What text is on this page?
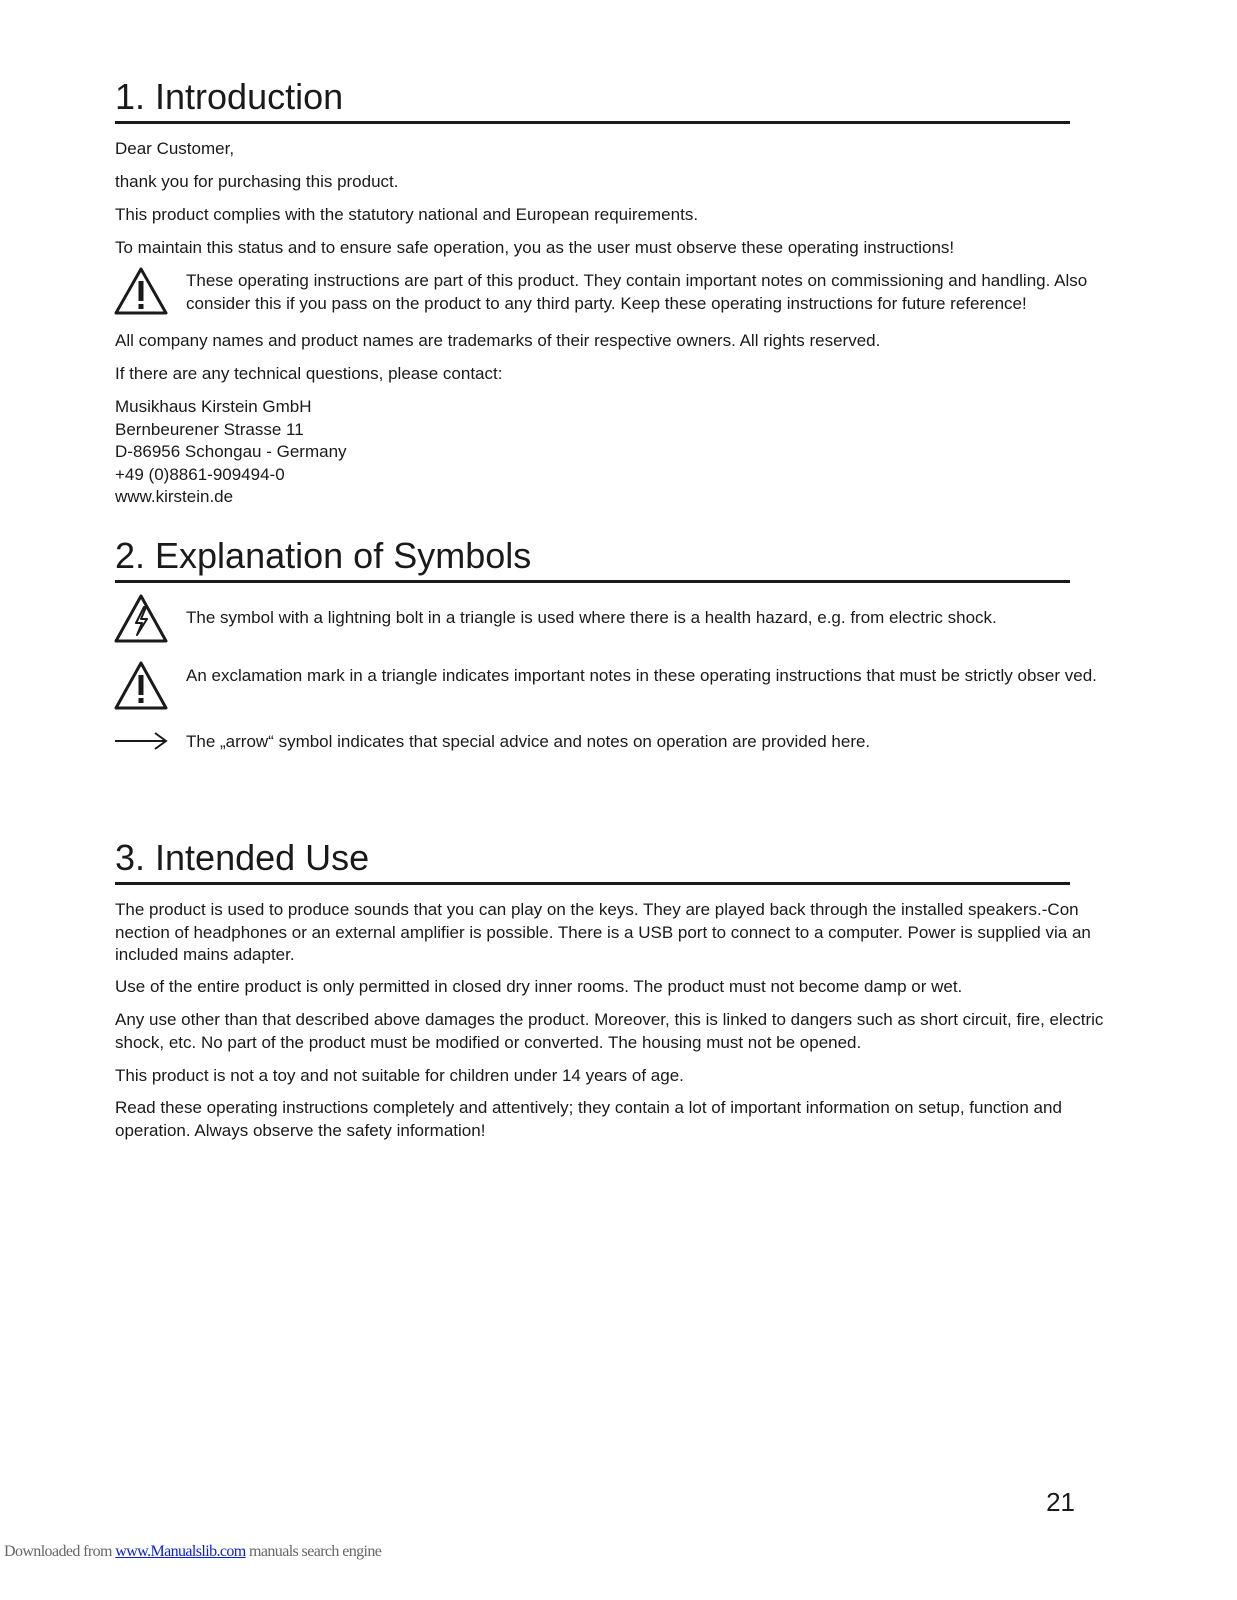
1. Introduction

Dear Customer,

thank you for purchasing this product.

This product complies with the statutory national and European requirements.

To maintain this status and to ensure safe operation, you as the user must observe these operating instructions!

These operating instructions are part of this product. They contain important notes on commissioning and handling. Also consider this if you pass on the product to any third party. Keep these operating instructions for future reference!

All company names and product names are trademarks of their respective owners. All rights reserved.

If there are any technical questions, please contact:

Musikhaus Kirstein GmbH
Bernbeurener Strasse 11
D-86956 Schongau - Germany
+49 (0)8861-909494-0
www.kirstein.de

2. Explanation of Symbols

The symbol with a lightning bolt in a triangle is used where there is a health hazard, e.g. from electric shock.

An exclamation mark in a triangle indicates important notes in these operating instructions that must be strictly obser ved.

The „arrow“ symbol indicates that special advice and notes on operation are provided here.

3. Intended Use

The product is used to produce sounds that you can play on the keys. They are played back through the installed speakers.-Con nection of headphones or an external amplifier is possible. There is a USB port to connect to a computer. Power is supplied via an included mains adapter.

Use of the entire product is only permitted in closed dry inner rooms. The product must not become damp or wet.

Any use other than that described above damages the product. Moreover, this is linked to dangers such as short circuit, fire, electric shock, etc. No part of the product must be modified or converted. The housing must not be opened.

This product is not a toy and not suitable for children under 14 years of age.

Read these operating instructions completely and attentively; they contain a lot of important information on setup, function and operation. Always observe the safety information!

21
Downloaded from www.Manualslib.com manuals search engine
